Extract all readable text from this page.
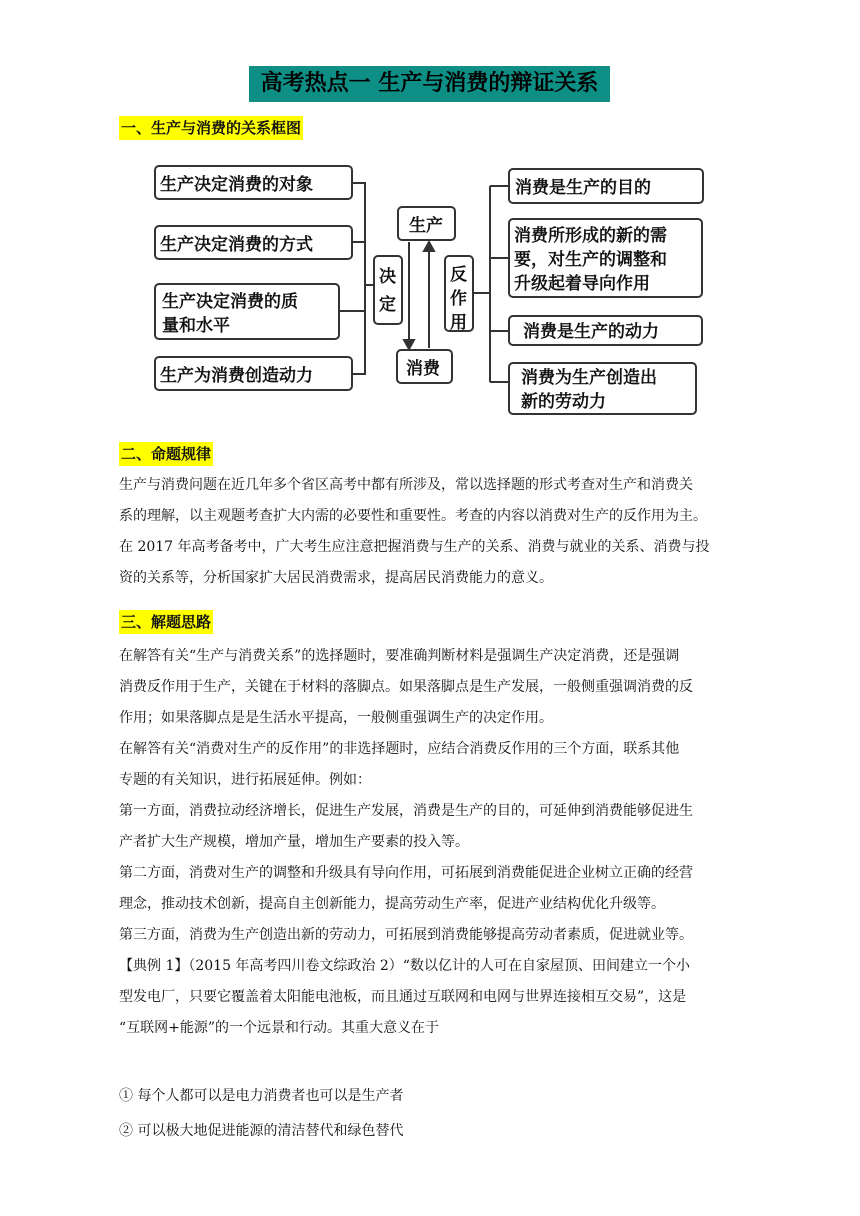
高考热点一 生产与消费的辩证关系
一、生产与消费的关系框图
生产决定消费的对象
生产决定消费的方式
生产决定消费的质
量和水平
生产为消费创造动力
决
定
生产
消费
反
作
用
消费是生产的目的
消费所形成的新的需
要，对生产的调整和
升级起着导向作用
消费是生产的动力
消费为生产创造出
新的劳动力
二、命题规律
生产与消费问题在近几年多个省区高考中都有所涉及，常以选择题的形式考查对生产和消费关
系的理解，以主观题考查扩大内需的必要性和重要性。考查的内容以消费对生产的反作用为主。
在 2017 年高考备考中，广大考生应注意把握消费与生产的关系、消费与就业的关系、消费与投
资的关系等，分析国家扩大居民消费需求，提高居民消费能力的意义。
三、解题思路
在解答有关“生产与消费关系”的选择题时，要准确判断材料是强调生产决定消费，还是强调
消费反作用于生产，关键在于材料的落脚点。如果落脚点是生产发展，一般侧重强调消费的反
作用；如果落脚点是是生活水平提高，一般侧重强调生产的决定作用。
在解答有关“消费对生产的反作用”的非选择题时，应结合消费反作用的三个方面，联系其他
专题的有关知识，进行拓展延伸。例如：
第一方面，消费拉动经济增长，促进生产发展，消费是生产的目的，可延伸到消费能够促进生
产者扩大生产规模，增加产量，增加生产要素的投入等。
第二方面，消费对生产的调整和升级具有导向作用，可拓展到消费能促进企业树立正确的经营
理念，推动技术创新，提高自主创新能力，提高劳动生产率，促进产业结构优化升级等。
第三方面，消费为生产创造出新的劳动力，可拓展到消费能够提高劳动者素质，促进就业等。
【典例 1】（2015 年高考四川卷文综政治 2）“数以亿计的人可在自家屋顶、田间建立一个小
型发电厂，只要它覆盖着太阳能电池板，而且通过互联网和电网与世界连接相互交易”，这是
“互联网+能源”的一个远景和行动。其重大意义在于
① 每个人都可以是电力消费者也可以是生产者
② 可以极大地促进能源的清洁替代和绿色替代
